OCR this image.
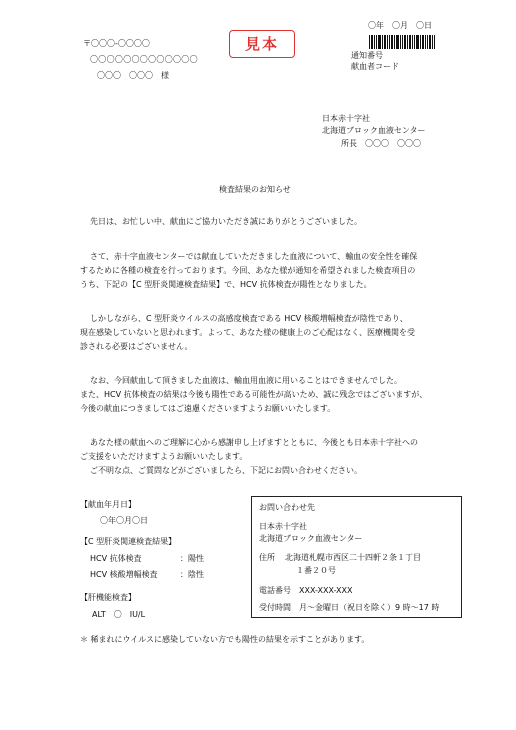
〒〇〇〇-〇〇〇〇
〇〇〇〇〇〇〇〇〇〇〇〇〇
〇〇〇　〇〇〇　様
見本
〇年　〇月　〇日
通知番号
献血者コード
日本赤十字社
北海道ブロック血液センター
所長　〇〇〇　〇〇〇
検査結果のお知らせ
先日は、お忙しい中、献血にご協力いただき誠にありがとうございました。
さて、赤十字血液センターでは献血していただきました血液について、輸血の安全性を確保
するために各種の検査を行っております。今回、あなた様が通知を希望されました検査項目の
うち、下記の【C 型肝炎関連検査結果】で、HCV 抗体検査が陽性となりました。
しかしながら、C 型肝炎ウイルスの高感度検査である HCV 核酸増幅検査が陰性であり、
現在感染していないと思われます。よって、あなた様の健康上のご心配はなく、医療機関を受
診される必要はございません。
なお、今回献血して頂きました血液は、輸血用血液に用いることはできませんでした。
また、HCV 抗体検査の結果は今後も陽性である可能性が高いため、誠に残念ではございますが、
今後の献血につきましてはご遠慮くださいますようお願いいたします。
あなた様の献血へのご理解に心から感謝申し上げますとともに、今後とも日本赤十字社への
ご支援をいただけますようお願いいたします。
ご不明な点、ご質問などがございましたら、下記にお問い合わせください。
【献血年月日】
〇年〇月〇日
【C 型肝炎関連検査結果】
HCV 抗体検査	：陽性
HCV 核酸増幅検査	：陰性
【肝機能検査】
ALT　〇　IU/L
お問い合わせ先
日本赤十字社
北海道ブロック血液センター
住所 北海道札幌市西区二十四軒２条１丁目
１番２０号
電話番号　XXX-XXX-XXX
受付時間　月～金曜日（祝日を除く）9 時～17 時
＊ 稀まれにウイルスに感染していない方でも陽性の結果を示すことがあります。
